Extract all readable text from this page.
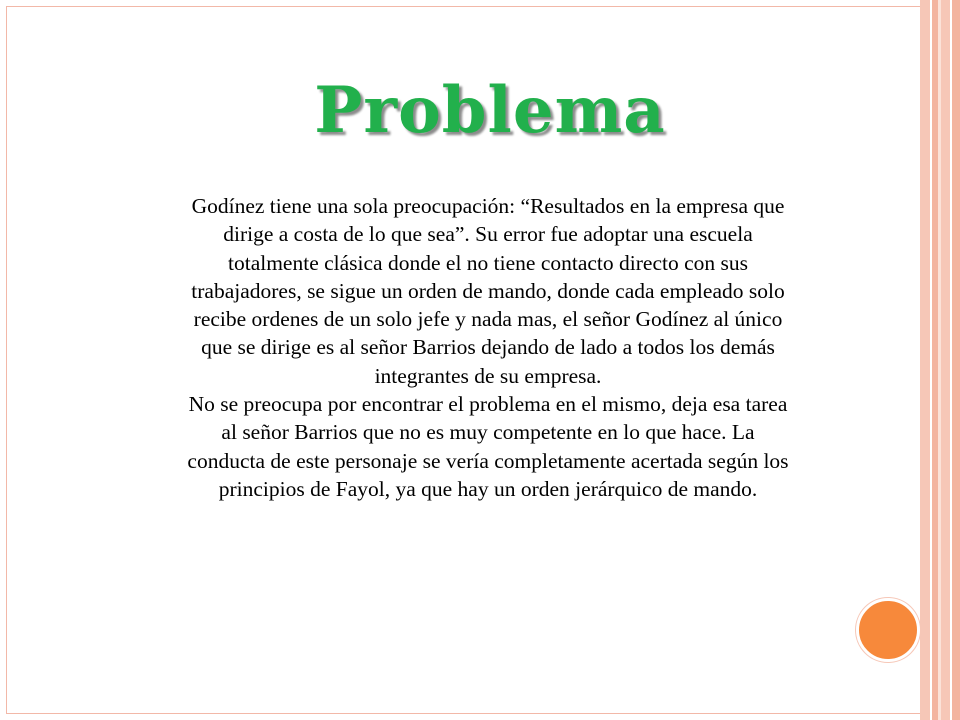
Problema

Godínez tiene una sola preocupación: “Resultados en la empresa que dirige a costa de lo que sea”. Su error fue adoptar una escuela totalmente clásica donde el no tiene contacto directo con sus trabajadores, se sigue un orden de mando, donde cada empleado solo recibe ordenes de un solo jefe y nada mas, el señor Godínez al único que se dirige es al señor Barrios dejando de lado a todos los demás integrantes de su empresa.

No se preocupa por encontrar el problema en el mismo, deja esa tarea al señor Barrios que no es muy competente en lo que hace. La conducta de este personaje se vería completamente acertada según los principios de Fayol, ya que hay un orden jerárquico de mando.
